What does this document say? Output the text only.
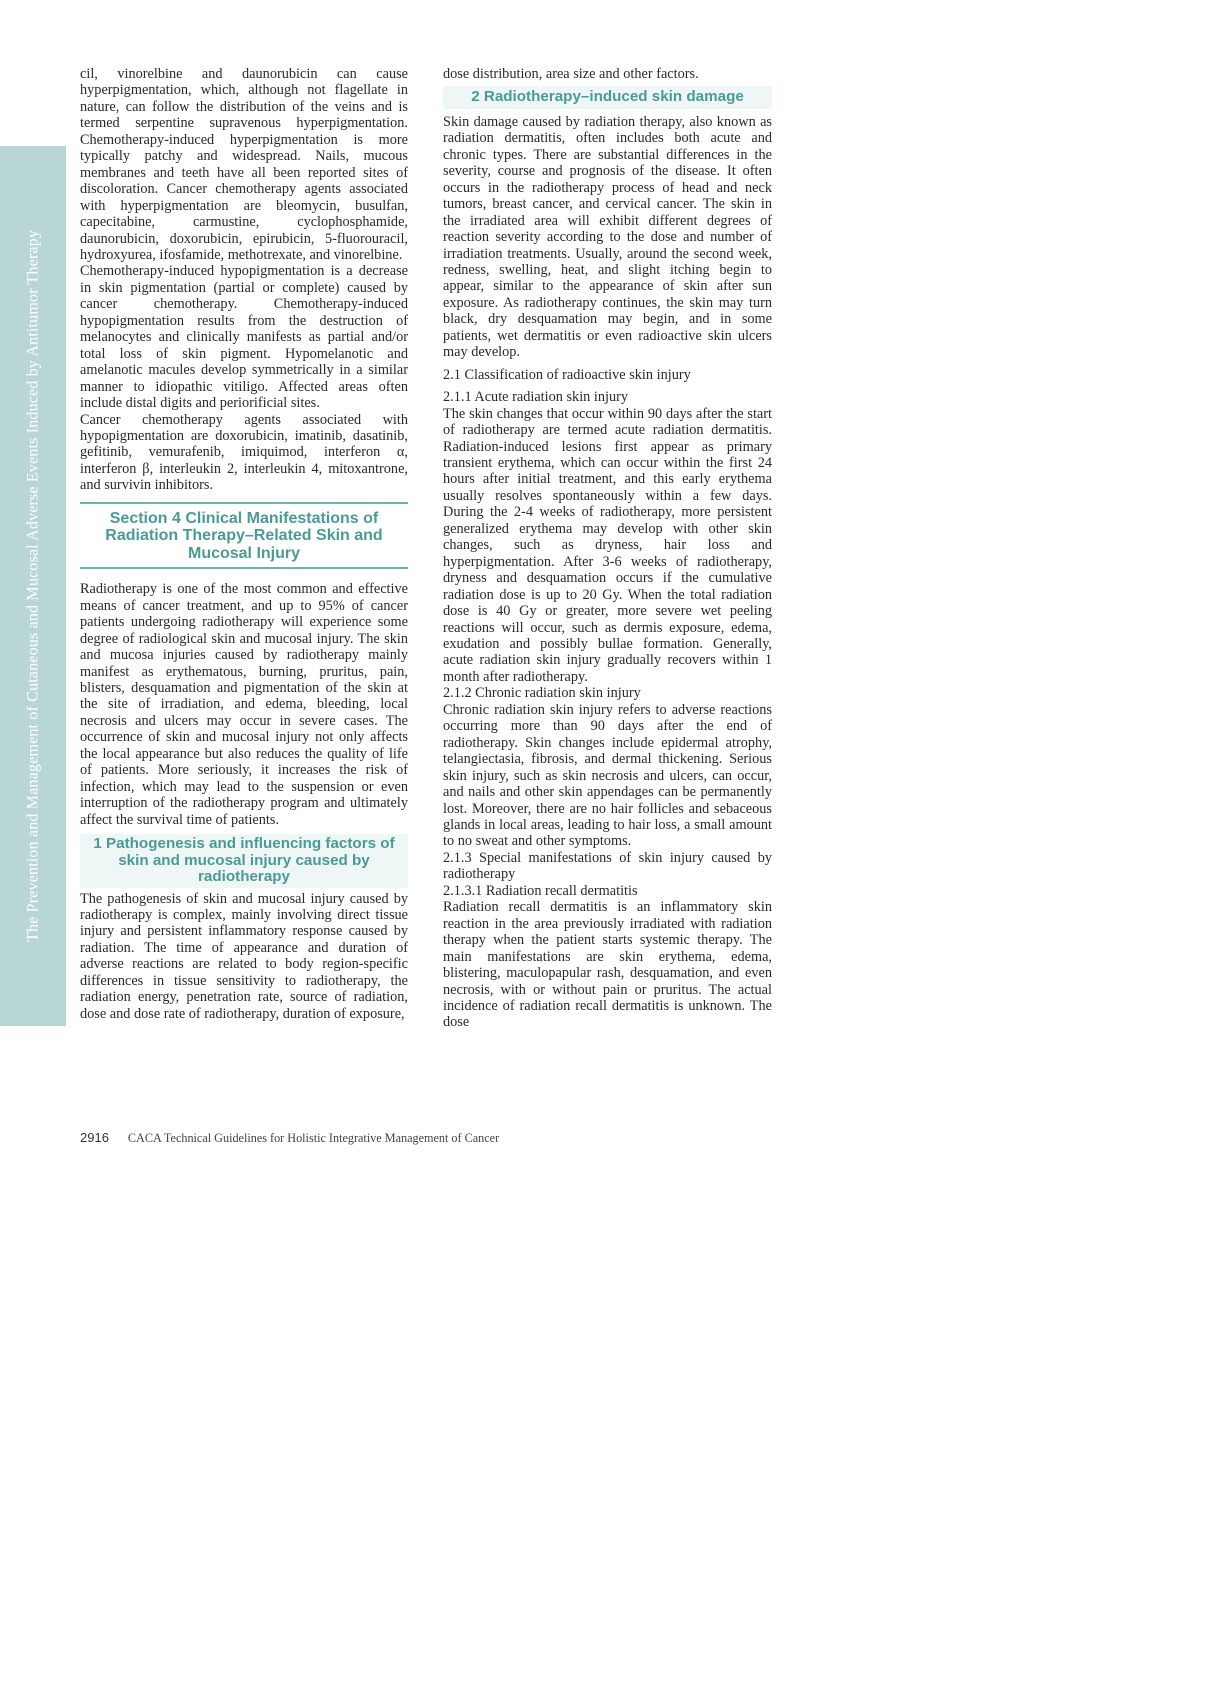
The Prevention and Management of Cutaneous and Mucosal Adverse Events Induced by Antitumor Therapy

cil, vinorelbine and daunorubicin can cause hyperpigmentation, which, although not flagellate in nature, can follow the distribution of the veins and is termed serpentine supravenous hyperpigmentation. Chemotherapy-induced hyperpigmentation is more typically patchy and widespread. Nails, mucous membranes and teeth have all been reported sites of discoloration. Cancer chemotherapy agents associated with hyperpigmentation are bleomycin, busulfan, capecitabine, carmustine, cyclophosphamide, daunorubicin, doxorubicin, epirubicin, 5-fluorouracil, hydroxyurea, ifosfamide, methotrexate, and vinorelbine.

Chemotherapy-induced hypopigmentation is a decrease in skin pigmentation (partial or complete) caused by cancer chemotherapy. Chemotherapy-induced hypopigmentation results from the destruction of melanocytes and clinically manifests as partial and/or total loss of skin pigment. Hypomelanotic and amelanotic macules develop symmetrically in a similar manner to idiopathic vitiligo. Affected areas often include distal digits and periorificial sites.

Cancer chemotherapy agents associated with hypopigmentation are doxorubicin, imatinib, dasatinib, gefitinib, vemurafenib, imiquimod, interferon α, interferon β, interleukin 2, interleukin 4, mitoxantrone, and survivin inhibitors.

Section 4 Clinical Manifestations of Radiation Therapy–Related Skin and Mucosal Injury

Radiotherapy is one of the most common and effective means of cancer treatment, and up to 95% of cancer patients undergoing radiotherapy will experience some degree of radiological skin and mucosal injury. The skin and mucosa injuries caused by radiotherapy mainly manifest as erythematous, burning, pruritus, pain, blisters, desquamation and pigmentation of the skin at the site of irradiation, and edema, bleeding, local necrosis and ulcers may occur in severe cases. The occurrence of skin and mucosal injury not only affects the local appearance but also reduces the quality of life of patients. More seriously, it increases the risk of infection, which may lead to the suspension or even interruption of the radiotherapy program and ultimately affect the survival time of patients.

1 Pathogenesis and influencing factors of skin and mucosal injury caused by radiotherapy

The pathogenesis of skin and mucosal injury caused by radiotherapy is complex, mainly involving direct tissue injury and persistent inflammatory response caused by radiation. The time of appearance and duration of adverse reactions are related to body region-specific differences in tissue sensitivity to radiotherapy, the radiation energy, penetration rate, source of radiation, dose and dose rate of radiotherapy, duration of exposure,

dose distribution, area size and other factors.

2 Radiotherapy–induced skin damage

Skin damage caused by radiation therapy, also known as radiation dermatitis, often includes both acute and chronic types. There are substantial differences in the severity, course and prognosis of the disease. It often occurs in the radiotherapy process of head and neck tumors, breast cancer, and cervical cancer. The skin in the irradiated area will exhibit different degrees of reaction severity according to the dose and number of irradiation treatments. Usually, around the second week, redness, swelling, heat, and slight itching begin to appear, similar to the appearance of skin after sun exposure. As radiotherapy continues, the skin may turn black, dry desquamation may begin, and in some patients, wet dermatitis or even radioactive skin ulcers may develop.

2.1 Classification of radioactive skin injury

2.1.1 Acute radiation skin injury

The skin changes that occur within 90 days after the start of radiotherapy are termed acute radiation dermatitis. Radiation-induced lesions first appear as primary transient erythema, which can occur within the first 24 hours after initial treatment, and this early erythema usually resolves spontaneously within a few days. During the 2-4 weeks of radiotherapy, more persistent generalized erythema may develop with other skin changes, such as dryness, hair loss and hyperpigmentation. After 3-6 weeks of radiotherapy, dryness and desquamation occurs if the cumulative radiation dose is up to 20 Gy. When the total radiation dose is 40 Gy or greater, more severe wet peeling reactions will occur, such as dermis exposure, edema, exudation and possibly bullae formation. Generally, acute radiation skin injury gradually recovers within 1 month after radiotherapy.

2.1.2 Chronic radiation skin injury

Chronic radiation skin injury refers to adverse reactions occurring more than 90 days after the end of radiotherapy. Skin changes include epidermal atrophy, telangiectasia, fibrosis, and dermal thickening. Serious skin injury, such as skin necrosis and ulcers, can occur, and nails and other skin appendages can be permanently lost. Moreover, there are no hair follicles and sebaceous glands in local areas, leading to hair loss, a small amount to no sweat and other symptoms.

2.1.3 Special manifestations of skin injury caused by radiotherapy

2.1.3.1 Radiation recall dermatitis

Radiation recall dermatitis is an inflammatory skin reaction in the area previously irradiated with radiation therapy when the patient starts systemic therapy. The main manifestations are skin erythema, edema, blistering, maculopapular rash, desquamation, and even necrosis, with or without pain or pruritus. The actual incidence of radiation recall dermatitis is unknown. The dose

2916 CACA Technical Guidelines for Holistic Integrative Management of Cancer
